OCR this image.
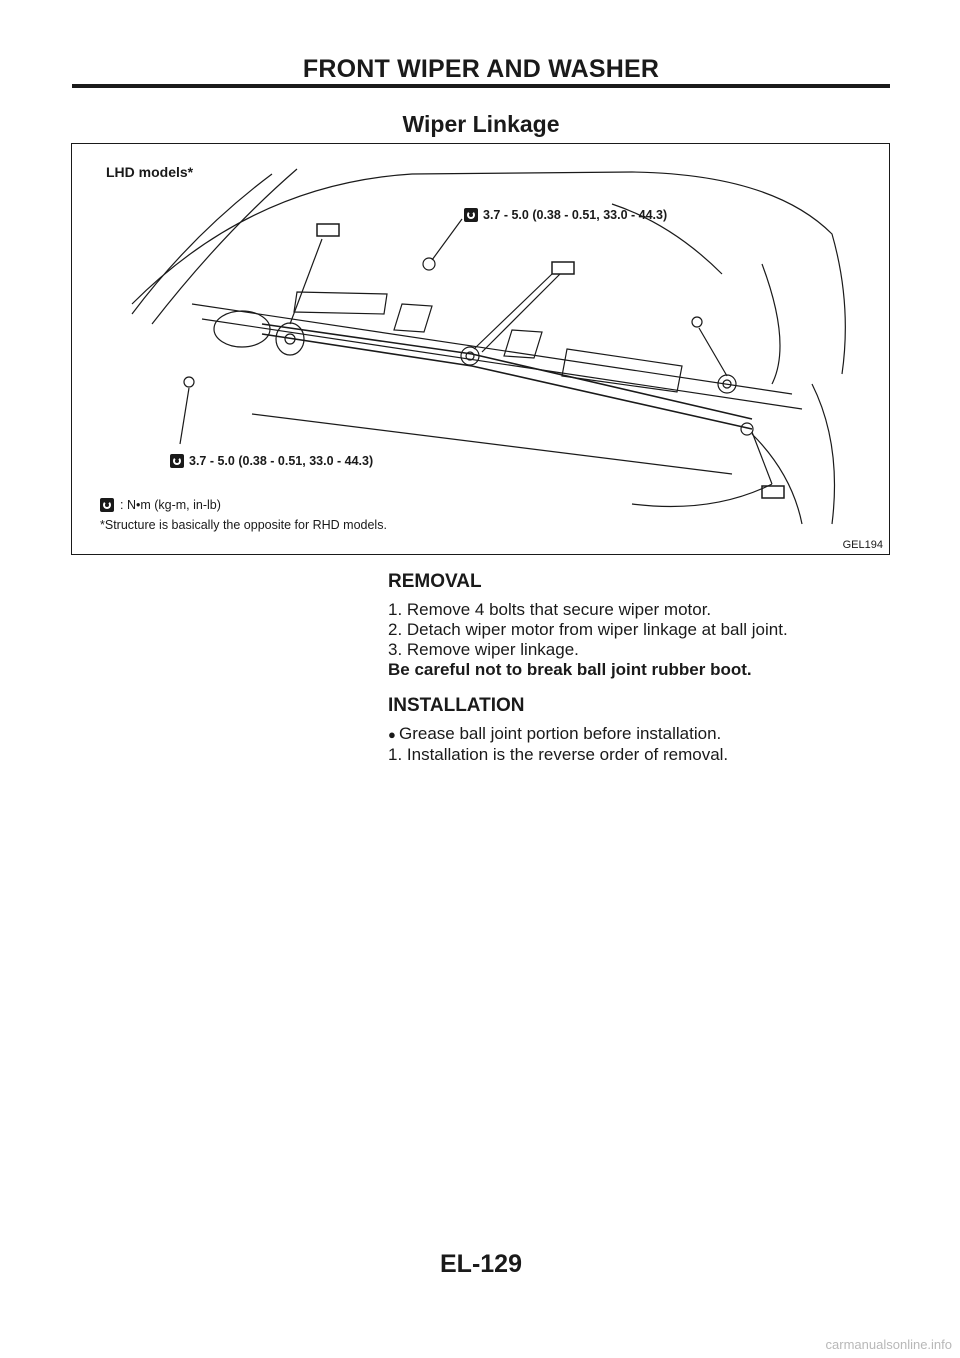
FRONT WIPER AND WASHER
Wiper Linkage
LHD models*
3.7 - 5.0 (0.38 - 0.51, 33.0 - 44.3)
3.7 - 5.0 (0.38 - 0.51, 33.0 - 44.3)
: N•m (kg-m, in-lb)
*Structure is basically the opposite for RHD models.
GEL194
REMOVAL

1. Remove 4 bolts that secure wiper motor.

2. Detach wiper motor from wiper linkage at ball joint.

3. Remove wiper linkage.

Be careful not to break ball joint rubber boot.

INSTALLATION

● Grease ball joint portion before installation.

1. Installation is the reverse order of removal.

EL-129
carmanualsonline.info
